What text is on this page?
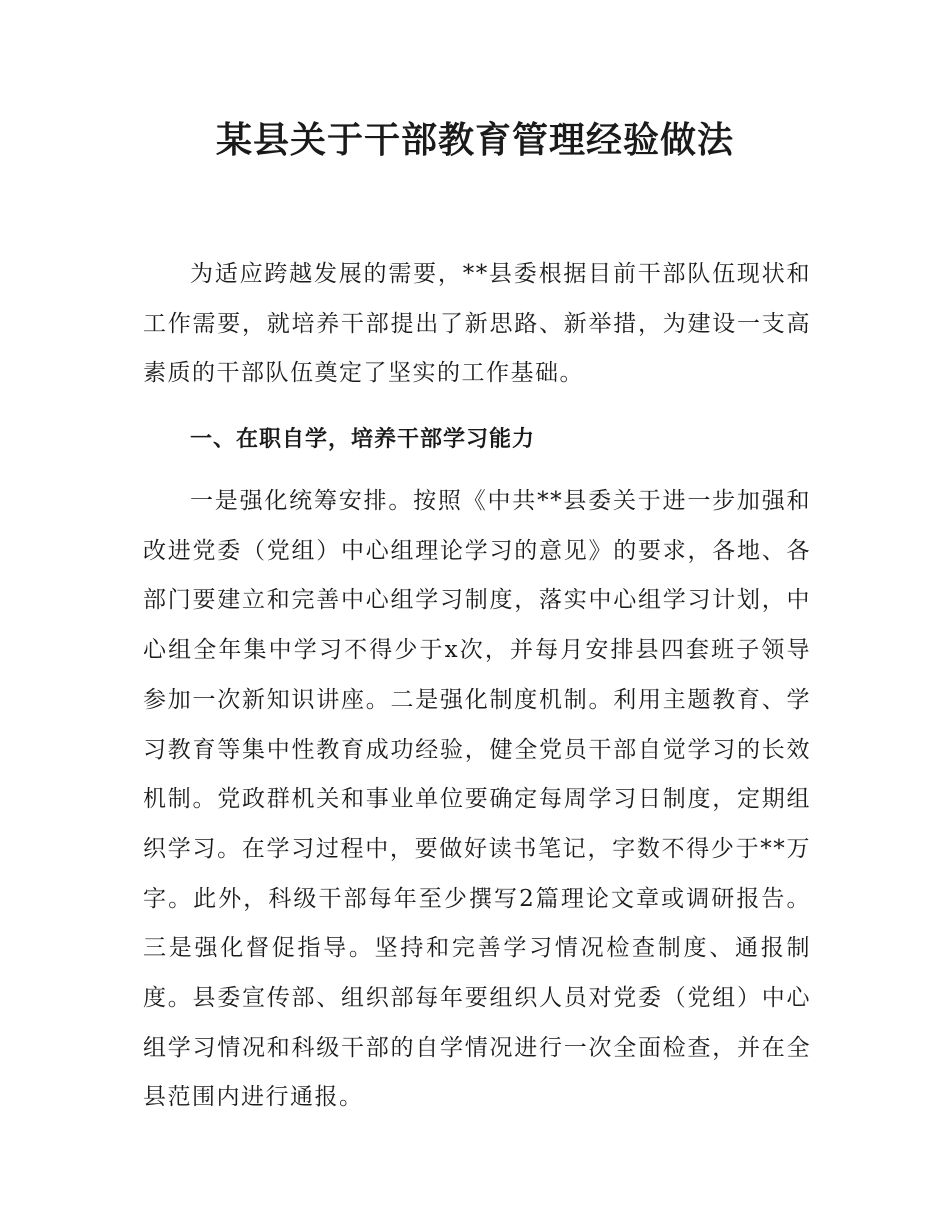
某县关于干部教育管理经验做法

为适应跨越发展的需要，**县委根据目前干部队伍现状和工作需要，就培养干部提出了新思路、新举措，为建设一支高素质的干部队伍奠定了坚实的工作基础。

一、在职自学，培养干部学习能力

一是强化统筹安排。按照《中共**县委关于进一步加强和改进党委（党组）中心组理论学习的意见》的要求，各地、各部门要建立和完善中心组学习制度，落实中心组学习计划，中心组全年集中学习不得少于x次，并每月安排县四套班子领导参加一次新知识讲座。二是强化制度机制。利用主题教育、学习教育等集中性教育成功经验，健全党员干部自觉学习的长效机制。党政群机关和事业单位要确定每周学习日制度，定期组织学习。在学习过程中，要做好读书笔记，字数不得少于**万字。此外，科级干部每年至少撰写2篇理论文章或调研报告。三是强化督促指导。坚持和完善学习情况检查制度、通报制度。县委宣传部、组织部每年要组织人员对党委（党组）中心组学习情况和科级干部的自学情况进行一次全面检查，并在全县范围内进行通报。
